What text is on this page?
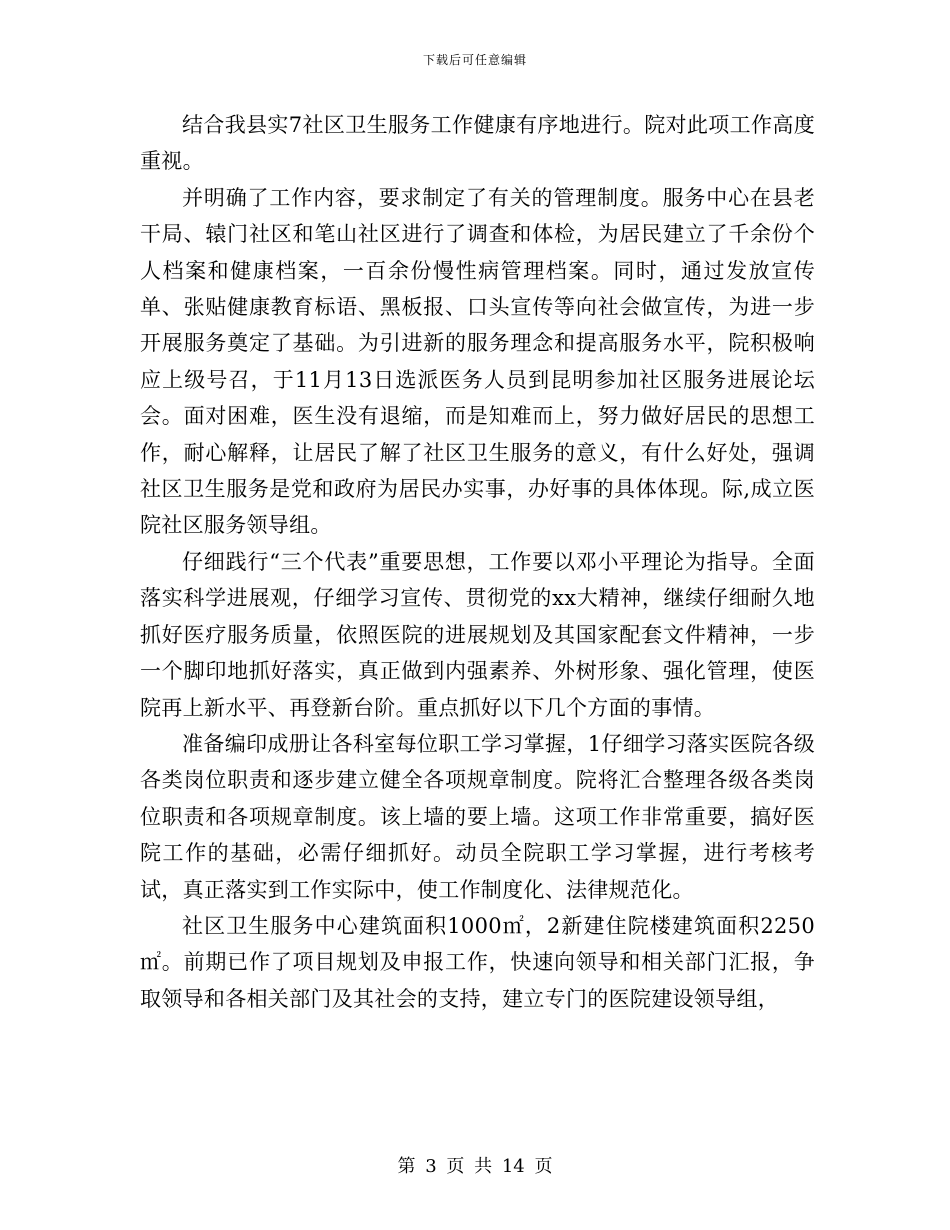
下载后可任意编辑

结合我县实7社区卫生服务工作健康有序地进行。院对此项工作高度重视。

并明确了工作内容，要求制定了有关的管理制度。服务中心在县老干局、辕门社区和笔山社区进行了调查和体检，为居民建立了千余份个人档案和健康档案，一百余份慢性病管理档案。同时，通过发放宣传单、张贴健康教育标语、黑板报、口头宣传等向社会做宣传，为进一步开展服务奠定了基础。为引进新的服务理念和提高服务水平，院积极响应上级号召，于11月13日选派医务人员到昆明参加社区服务进展论坛会。面对困难，医生没有退缩，而是知难而上，努力做好居民的思想工作，耐心解释，让居民了解了社区卫生服务的意义，有什么好处，强调社区卫生服务是党和政府为居民办实事，办好事的具体体现。际,成立医院社区服务领导组。

仔细践行“三个代表”重要思想，工作要以邓小平理论为指导。全面落实科学进展观，仔细学习宣传、贯彻党的xx大精神，继续仔细耐久地抓好医疗服务质量，依照医院的进展规划及其国家配套文件精神，一步一个脚印地抓好落实，真正做到内强素养、外树形象、强化管理，使医院再上新水平、再登新台阶。重点抓好以下几个方面的事情。

准备编印成册让各科室每位职工学习掌握，1仔细学习落实医院各级各类岗位职责和逐步建立健全各项规章制度。院将汇合整理各级各类岗位职责和各项规章制度。该上墙的要上墙。这项工作非常重要，搞好医院工作的基础，必需仔细抓好。动员全院职工学习掌握，进行考核考试，真正落实到工作实际中，使工作制度化、法律规范化。

社区卫生服务中心建筑面积1000㎡，2新建住院楼建筑面积2250㎡。前期已作了项目规划及申报工作，快速向领导和相关部门汇报，争取领导和各相关部门及其社会的支持，建立专门的医院建设领导组，

第 3 页 共 14 页
